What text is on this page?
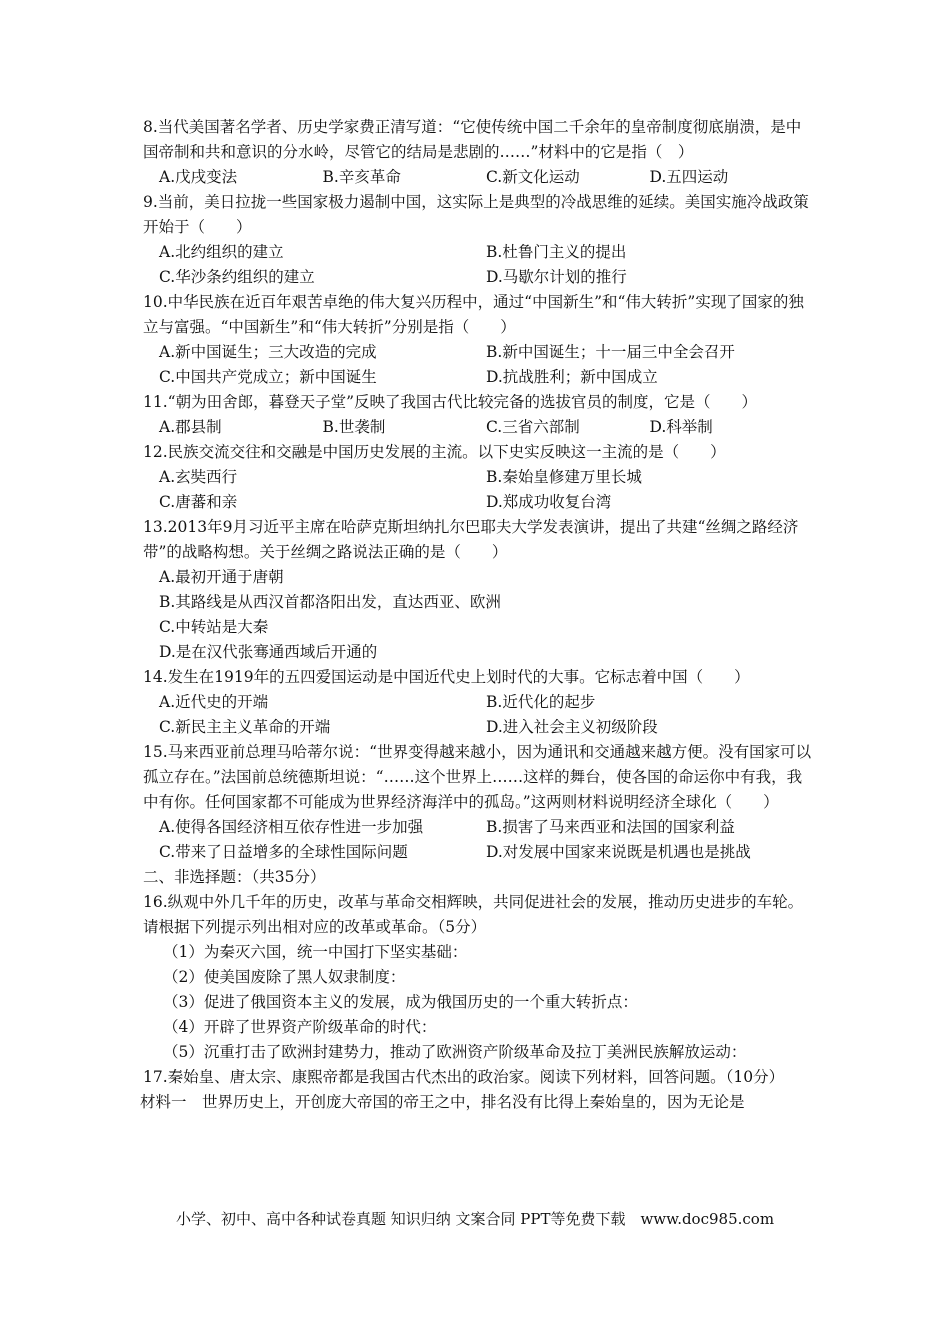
8.当代美国著名学者、历史学家费正清写道：“它使传统中国二千余年的皇帝制度彻底崩溃，是中国帝制和共和意识的分水岭，尽管它的结局是悲剧的……”材料中的它是指（　）
A.戊戌变法	B.辛亥革命	C.新文化运动	D.五四运动
9.当前，美日拉拢一些国家极力遏制中国，这实际上是典型的冷战思维的延续。美国实施冷战政策开始于（　　）
A.北约组织的建立	B.杜鲁门主义的提出
C.华沙条约组织的建立	D.马歇尔计划的推行
10.中华民族在近百年艰苦卓绝的伟大复兴历程中，通过“中国新生”和“伟大转折”实现了国家的独立与富强。“中国新生”和“伟大转折”分别是指（　　）
A.新中国诞生；三大改造的完成	B.新中国诞生；十一届三中全会召开
C.中国共产党成立；新中国诞生	D.抗战胜利；新中国成立
11.“朝为田舍郎，暮登天子堂”反映了我国古代比较完备的选拔官员的制度，它是（　　）
A.郡县制	B.世袭制	C.三省六部制	D.科举制
12.民族交流交往和交融是中国历史发展的主流。以下史实反映这一主流的是（　　）
A.玄奘西行	B.秦始皇修建万里长城
C.唐蕃和亲	D.郑成功收复台湾
13.2013年9月习近平主席在哈萨克斯坦纳扎尔巴耶夫大学发表演讲，提出了共建“丝绸之路经济带”的战略构想。关于丝绸之路说法正确的是（　　）
A.最初开通于唐朝
B.其路线是从西汉首都洛阳出发，直达西亚、欧洲
C.中转站是大秦
D.是在汉代张骞通西域后开通的
14.发生在1919年的五四爱国运动是中国近代史上划时代的大事。它标志着中国（　　）
A.近代史的开端	B.近代化的起步
C.新民主主义革命的开端	D.进入社会主义初级阶段
15.马来西亚前总理马哈蒂尔说：“世界变得越来越小，因为通讯和交通越来越方便。没有国家可以孤立存在。”法国前总统德斯坦说：“……这个世界上……这样的舞台，使各国的命运你中有我，我中有你。任何国家都不可能成为世界经济海洋中的孤岛。”这两则材料说明经济全球化（　　）
A.使得各国经济相互依存性进一步加强	B.损害了马来西亚和法国的国家利益
C.带来了日益增多的全球性国际问题	D.对发展中国家来说既是机遇也是挑战
二、非选择题：（共35分）
16.纵观中外几千年的历史，改革与革命交相辉映，共同促进社会的发展，推动历史进步的车轮。请根据下列提示列出相对应的改革或革命。（5分）
（1）为秦灭六国，统一中国打下坚实基础：
（2）使美国废除了黑人奴隶制度：
（3）促进了俄国资本主义的发展，成为俄国历史的一个重大转折点：
（4）开辟了世界资产阶级革命的时代：
（5）沉重打击了欧洲封建势力，推动了欧洲资产阶级革命及拉丁美洲民族解放运动：
17.秦始皇、唐太宗、康熙帝都是我国古代杰出的政治家。阅读下列材料，回答问题。（10分）
材料一　世界历史上，开创庞大帝国的帝王之中，排名没有比得上秦始皇的，因为无论是
小学、初中、高中各种试卷真题 知识归纳 文案合同 PPT等免费下载　www.doc985.com
